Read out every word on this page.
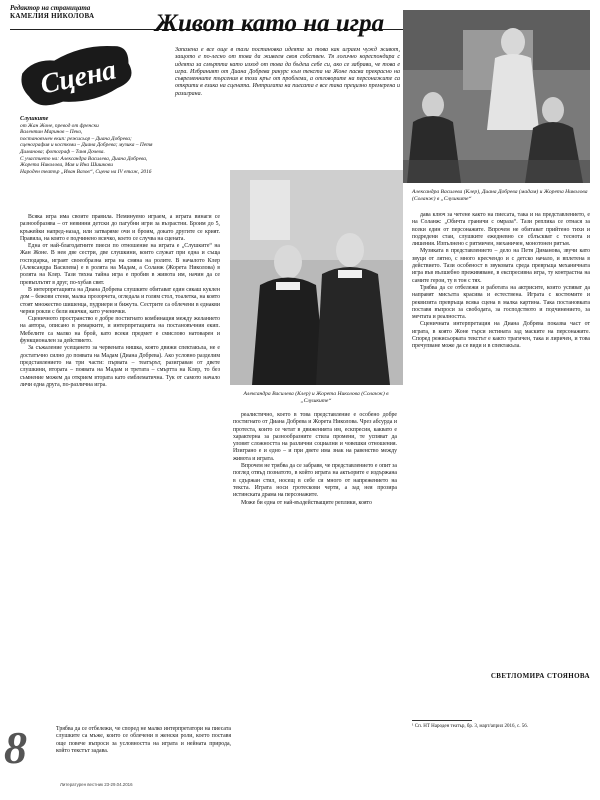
Редактор на страницата
КАМЕЛИЯ НИКОЛОВА	Живот като на игра
Сцена
Слушките
от Жан Жоне, превод от френски
Валентин Маринов – Пеко,
постановъчен екип: режисьор – Диана Добрева;
сценография и костюми – Диана Добрева; музика – Петя
Диманова; фотограф – Таня Дочева.
С участието на: Александра Василева, Диана Добрева,
Жорета Николова, Мая и Ина Шишкови
Народен театър „Иван Вазов“, Сцена на IV етаж, 2016
Запазена е все още в тази постановка идеята за това как играем чужд живот, защото е по-лесно от това да живеем своя собствен. Тя логично кореспондира с идеята за смъртта като изход от това да бъдеш себе си, ако се забрави, че това е игра. Избраният от Диана Добрева ракурс към текста на Жоне пасва прекрасно на съвременните търсения в този кръг от проблеми, а отговорите на персонажите са открити в езика на сцената. Интригата на пиесата е все така прецизно премерена и разиграна.
Александра Василева (Клер), Диана Добрева (мадам) и Жорета Николова (Соланж) в „Слушките“
Александра Василева (Клер) и Жорета Николова (Соланж) в „Слушките“

Всяка игра има своите правила. Неминуемо играем, а играта винаги се разнообразява – от невинни детски до пагубни игри за възрастни. Броим до 5, кръжейки напред-назад, или затваряме очи и броим, докато другите се крият. Правила, на които е подчинено всичко, което се случва на сцената.

Една от най-благодатните пиеси по отношение на играта е „Слушките“ на Жан Жоне. В нея две сестри, две слушкини, които служат при една и съща господарка, играят своеобразна игра на смяна на ролите. В началото Клер (Александра Василева) е в ролята на Мадам, а Соланж (Жорета Николова) в ролята на Клер. Тази тяхна тайна игра е пробив в живота им, начин да се превъплътят в друг, по-хубав свят.

В интерпретацията на Диана Добрева слушките обитават един сякаш куклен дом – бежови стени, малка прозорчета, огледала и голям стол, тоалетка, на която стоят множество шишенца, пудриери и бижута. Сестрите са облечени в еднакви черни рокли с бели якички, като ученички.

Сценичното пространство е добре постигнато комбинация между желанието на автора, описано в ремарките, и интерпретацията на постановъчния екип. Мебелите са малко на брой, като всеки предмет е смислово натоварен и функционален за действието.

За съжаление усещането за червената нишка, която движи спектакъла, не е достатъчно силно до появата на Мадам (Диана Добрева). Ако условно разделим представлението на три части: първата – театърът, разиграван от двете слушкини, втората – появата на Мадам и третата – смъртта на Клер, то без съмнение можем да открием втората като емблематична. Тук от самото начало личи една друга, по-различна игра.

реалистично, което в това представление е особено добре постигнато от Диана Добрева и Жорета Николова. Чрез абсурда и протеста, които се четат в движенията им, ескпресия, каквато е характерна за разнообразните стила промени, те успяват да уловят сложността на различни социални и човешки отношения. Изиграно е и едно – и при двете има знак на равенство между живота и играта.

Впрочем не трябва да се забравя, че представлението е опит за поглед отвъд познатото, в който играта на актьорите е издържана в сдържан стил, носещ в себе си много от напрежението на текста. Играта носи гротескови черти, а зад нея прозира истинската драма на персонажите.

Може би една от най-въздействащите реплики, която

дава ключ за четене както на пиесата, така и на представлението, е на Соланж: „Обичта граничи с омраза“. Тази реплика се отнася за всеки един от персонажите. Впрочем не обитават прийтено тихи и подредени стаи, слушките ежедневно се сблъскват с теснота и лишения. Изпълнено с ритмичен, механичен, монотонен ритъм.

Музиката в представлението – дело на Петя Диманова, звучи като звуци от лятно, с много кресчендо и с детско начало, и вплетена в действието. Тази особеност в звуковата среда превръща механичната игра във вълшебно преживяване, в експресивна игра, ту контрастна на самите герои, ту в тон с тях.

Трябва да се отбележи и работата на актрисите, които успяват да направят мисълта красива и естествена. Играта с костюмите и реквизита превръща всяка сцена в малка картина. Така постановката поставя въпроси за свободата, за господството и подчинението, за мечтата и реалността.

Сценичната интерпретация на Диана Добрева показва част от играта, в която Жоне търси истината зад маските на персонажите. Според режисьорката текстът е както трагичен, така и лиричен, и това пречупване може да се види и в спектакъла.

СВЕТЛОМИРА СТОЯНОВА
¹ Сп. НТ Народен театър, бр. 3, март/април 2016, с. 56.
8	Трябва да се отбележи, че според не малко интерпретатори на пиесата слушките са мъже, които се облечени в женски роли, което поставя още повече въпроси за условността на играта и нейната природа, който текстът задава.
Литературен вестник 23-29.04.2016
